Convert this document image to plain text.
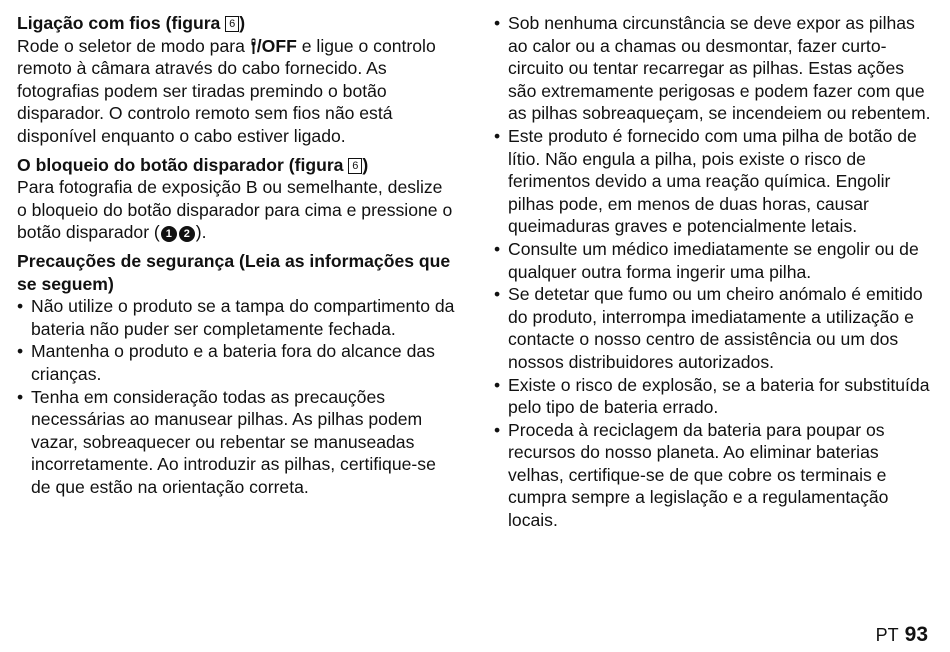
Ligação com fios (figura 6 )
Rode o seletor de modo para /OFF e ligue o controlo remoto à câmara através do cabo fornecido. As fotografias podem ser tiradas premindo o botão disparador. O controlo remoto sem fios não está disponível enquanto o cabo estiver ligado.
O bloqueio do botão disparador (figura 6 )
Para fotografia de exposição B ou semelhante, deslize o bloqueio do botão disparador para cima e pressione o botão disparador ( 1 2 ).
Precauções de segurança (Leia as informações que se seguem)
• Não utilize o produto se a tampa do compartimento da bateria não puder ser completamente fechada.
• Mantenha o produto e a bateria fora do alcance das crianças.
• Tenha em consideração todas as precauções necessárias ao manusear pilhas. As pilhas podem vazar, sobreaquecer ou rebentar se manuseadas incorretamente. Ao introduzir as pilhas, certifique-se de que estão na orientação correta.
• Sob nenhuma circunstância se deve expor as pilhas ao calor ou a chamas ou desmontar, fazer curto-circuito ou tentar recarregar as pilhas. Estas ações são extremamente perigosas e podem fazer com que as pilhas sobreaqueçam, se incendeiem ou rebentem.
• Este produto é fornecido com uma pilha de botão de lítio. Não engula a pilha, pois existe o risco de ferimentos devido a uma reação química. Engolir pilhas pode, em menos de duas horas, causar queimaduras graves e potencialmente letais.
• Consulte um médico imediatamente se engolir ou de qualquer outra forma ingerir uma pilha.
• Se detetar que fumo ou um cheiro anómalo é emitido do produto, interrompa imediatamente a utilização e contacte o nosso centro de assistência ou um dos nossos distribuidores autorizados.
• Existe o risco de explosão, se a bateria for substituída pelo tipo de bateria errado.
• Proceda à reciclagem da bateria para poupar os recursos do nosso planeta. Ao eliminar baterias velhas, certifique-se de que cobre os terminais e cumpra sempre a legislação e a regulamentação locais.
PT 93
